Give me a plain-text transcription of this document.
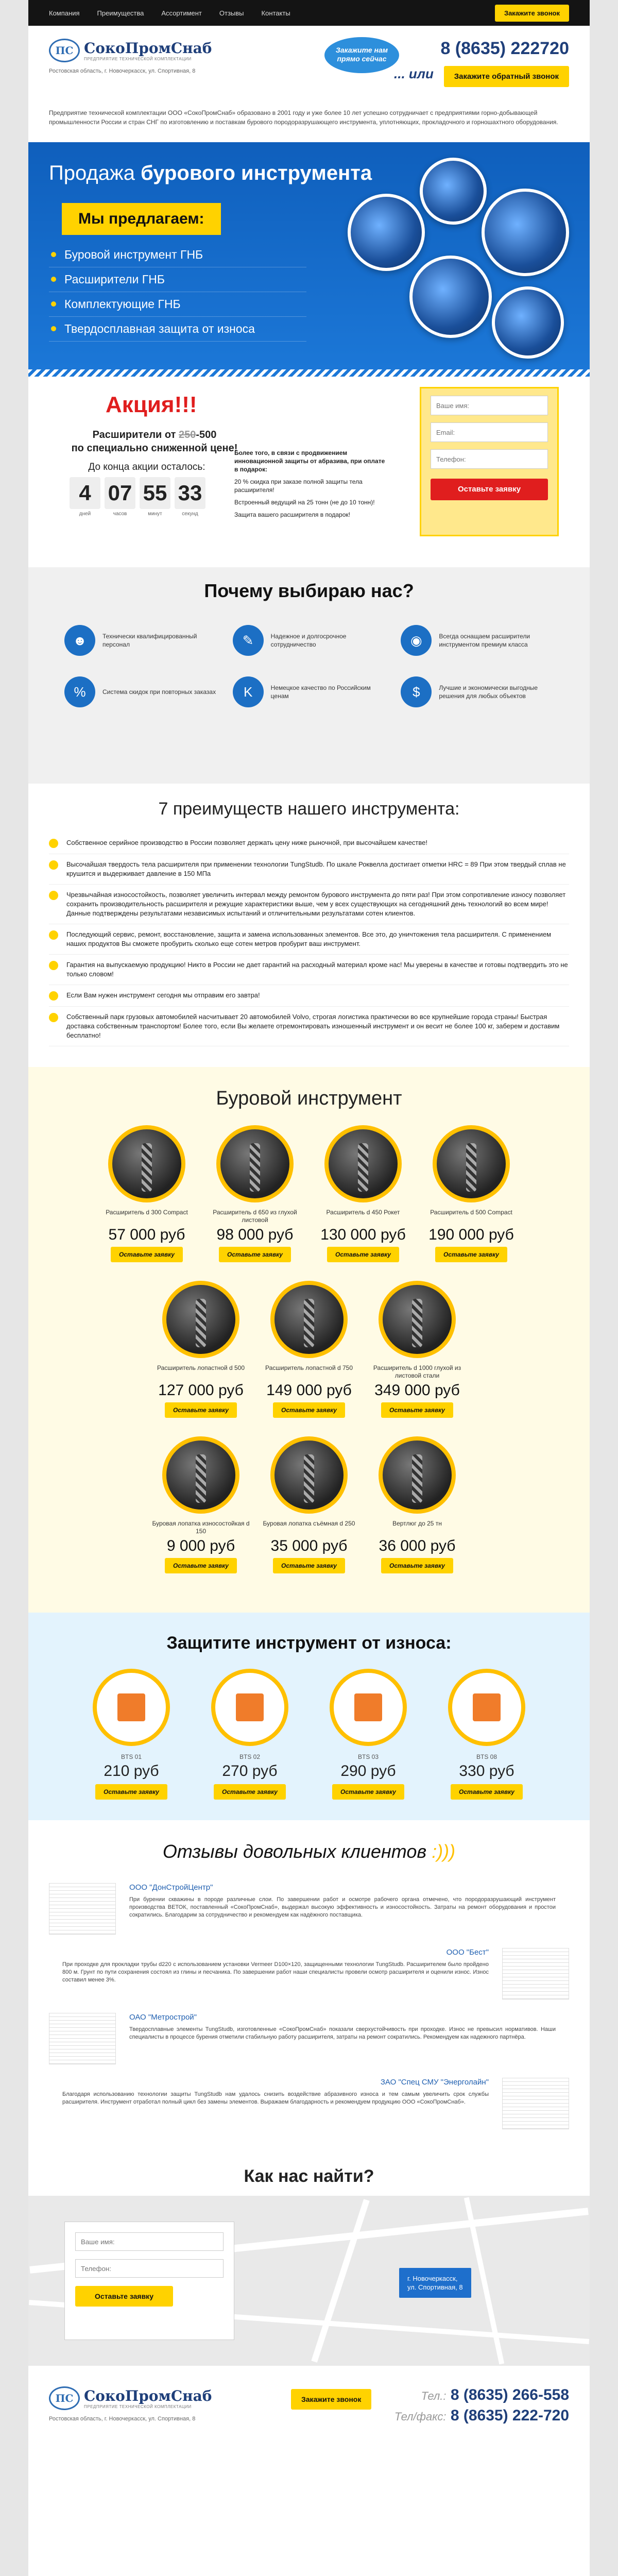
Компания	Преимущества	Ассортимент	Отзывы	Контакты	Закажите звонок
ПС СокоПромСнаб
ПРЕДПРИЯТИЕ ТЕХНИЧЕСКОЙ КОМПЛЕКТАЦИИ
Ростовская область, г. Новочеркасск, ул. Спортивная, 8
Закажите нам прямо сейчас
... или
8 (8635) 222720
Закажите обратный звонок
Предприятие технической комплектации ООО «СокоПромСнаб» образовано в 2001 году и уже более 10 лет успешно сотрудничает с предприятиями горно-добывающей промышленности России и стран СНГ по изготовлению и поставкам бурового породоразрушающего инструмента, уплотняющих, прокладочного и горношахтного оборудования.
Продажа бурового инструмента
Мы предлагаем:
Буровой инструмент ГНБ
Расширители ГНБ
Комплектующие ГНБ
Твердосплавная защита от износа
Акция!!!
Расширители от 250-500
по специально сниженной цене!
До конца акции осталось:
4
дней
07
часов
55
минут
33
секунд

Более того, в связи с продвижением инновационной защиты от абразива, при оплате в подарок:

20 % скидка при заказе полной защиты тела расширителя!

Встроенный ведущий на 25 тонн (не до 10 тонн)!

Защита вашего расширителя в подарок!

Ваше имя: Email: Телефон: Оставьте заявку
Почему выбираю нас?
☻	Технически квалифицированный персонал	✎	Надежное и долгосрочное сотрудничество	◉	Всегда оснащаем расширители инструментом премиум класса
%	Система скидок при повторных заказах	K	Немецкое качество по Российским ценам	$	Лучшие и экономически выгодные решения для любых объектов
7 преимуществ нашего инструмента:
Собственное серийное производство в России позволяет держать цену ниже рыночной, при высочайшем качестве!
Высочайшая твердость тела расширителя при применении технологии TungStudb. По шкале Роквелла достигает отметки HRC = 89 При этом твердый сплав не крушится и выдерживает давление в 150 МПа
Чрезвычайная износостойкость, позволяет увеличить интервал между ремонтом бурового инструмента до пяти раз! При этом сопротивление износу позволяет сохранить производительность расширителя и режущие характеристики выше, чем у всех существующих на сегодняшний день технологий во всем мире! Данные подтверждены результатами независимых испытаний и отличительными результатами сотен клиентов.
Последующий сервис, ремонт, восстановление, защита и замена использованных элементов. Все это, до уничтожения тела расширителя. С применением наших продуктов Вы сможете пробурить сколько еще сотен метров пробурит ваш инструмент.
Гарантия на выпускаемую продукцию! Никто в России не дает гарантий на расходный материал кроме нас! Мы уверены в качестве и готовы подтвердить это не только словом!
Если Вам нужен инструмент сегодня мы отправим его завтра!
Собственный парк грузовых автомобилей насчитывает 20 автомобилей Volvo, строгая логистика практически во все крупнейшие города страны! Быстрая доставка собственным транспортом! Более того, если Вы желаете отремонтировать изношенный инструмент и он весит не более 100 кг, заберем и доставим бесплатно!
Буровой инструмент
Расширитель d 300 Compact
57 000 руб
Оставьте заявку
Расширитель d 650 из глухой листовой
98 000 руб
Оставьте заявку
Расширитель d 450 Рокет
130 000 руб
Оставьте заявку
Расширитель d 500 Compact
190 000 руб
Оставьте заявку
Расширитель лопастной d 500
127 000 руб
Оставьте заявку
Расширитель лопастной d 750
149 000 руб
Оставьте заявку
Расширитель d 1000 глухой из листовой стали
349 000 руб
Оставьте заявку
Буровая лопатка износостойкая d 150
9 000 руб
Оставьте заявку
Буровая лопатка съёмная d 250
35 000 руб
Оставьте заявку
Вертлюг до 25 тн
36 000 руб
Оставьте заявку
Защитите инструмент от износа:
BTS 01
210 руб
Оставьте заявку
BTS 02
270 руб
Оставьте заявку
BTS 03
290 руб
Оставьте заявку
BTS 08
330 руб
Оставьте заявку
Отзывы довольных клиентов :)))
ООО "ДонСтройЦентр"
При бурении скважины в породе различные слои. По завершении работ и осмотре рабочего органа отмечено, что породоразрушающий инструмент производства ВЕТОК, поставленный «СокоПромСнаб», выдержал высокую эффективность и износостойкость. Затраты на ремонт оборудования и простои сократились. Благодарим за сотрудничество и рекомендуем как надёжного поставщика.
ООО "Бест"
При проходке для прокладки трубы d220 с использованием установки Vermeer D100×120, защищенными технологии TungStudb. Расширителем было пройдено 800 м. Грунт по пути сохранения состоял из глины и песчаника. По завершении работ наши специалисты провели осмотр расширителя и оценили износ. Износ составил менее 3%.
ОАО "Метрострой"
Твердосплавные элементы TungStudb, изготовленные «СокоПромСнаб» показали сверхустойчивость при проходке. Износ не превысил нормативов. Наши специалисты в процессе бурения отметили стабильную работу расширителя, затраты на ремонт сократились. Рекомендуем как надежного партнёра.
ЗАО "Спец СМУ "Энерголайн"
Благодаря использованию технологии защиты TungStudb нам удалось снизить воздействие абразивного износа и тем самым увеличить срок службы расширителя. Инструмент отработал полный цикл без замены элементов. Выражаем благодарность и рекомендуем продукцию ООО «СокоПромСнаб».
Как нас найти?
Ваше имя: Телефон: Оставьте заявку
г. Новочеркасск,
ул. Спортивная, 8
ПС СокоПромСнаб
ПРЕДПРИЯТИЕ ТЕХНИЧЕСКОЙ КОМПЛЕКТАЦИИ
Ростовская область, г. Новочеркасск, ул. Спортивная, 8
Закажите звонок	Тел.: 8 (8635) 266-558
Тел/факс: 8 (8635) 222-720
